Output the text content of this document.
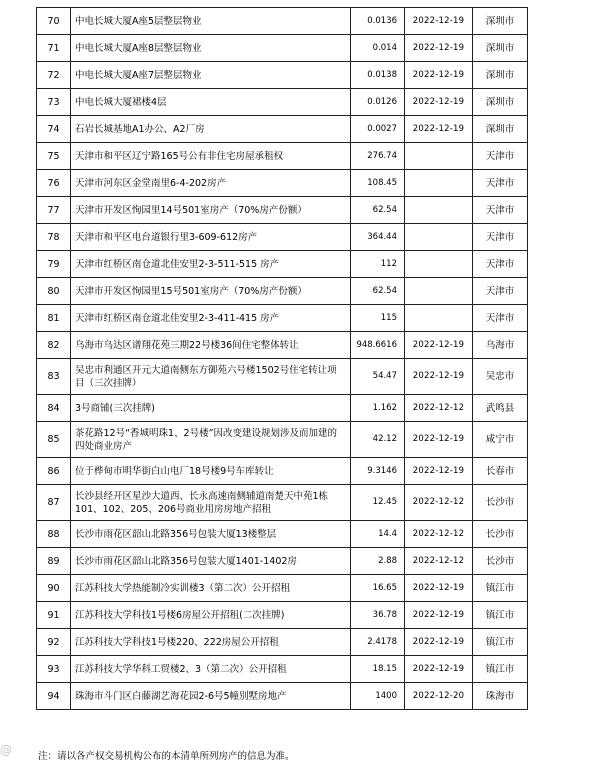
70	中电长城大厦A座5层整层物业	0.0136	2022-12-19	深圳市
71	中电长城大厦A座8层整层物业	0.014	2022-12-19	深圳市
72	中电长城大厦A座7层整层物业	0.0138	2022-12-19	深圳市
73	中电长城大厦裙楼4层	0.0126	2022-12-19	深圳市
74	石岩长城基地A1办公、A2厂房	0.0027	2022-12-19	深圳市
75	天津市和平区辽宁路165号公有非住宅房屋承租权	276.74		天津市
76	天津市河东区金堂南里6-4-202房产	108.45		天津市
77	天津市开发区恂园里14号501室房产（70%房产份额）	62.54		天津市
78	天津市和平区电台道银行里3-609-612房产	364.44		天津市
79	天津市红桥区南仓道北佳安里2-3-511-515 房产	112		天津市
80	天津市开发区恂园里15号501室房产（70%房产份额）	62.54		天津市
81	天津市红桥区南仓道北佳安里2-3-411-415 房产	115		天津市
82	乌海市乌达区谱翔花苑三期22号楼36间住宅整体转让	948.6616	2022-12-19	乌海市
83	吴忠市利通区开元大道南侧东方御苑六号楼1502号住宅转让项目（三次挂牌）	54.47	2022-12-19	吴忠市
84	3号商铺(三次挂牌)	1.162	2022-12-12	武鸣县
85	茶花路12号“香城明珠1、2号楼”因改变建设规划涉及而加建的四处商业房产	42.12	2022-12-19	咸宁市
86	位于桦甸市明华街白山电厂18号楼9号车库转让	9.3146	2022-12-19	长春市
87	长沙县经开区星沙大道西、长永高速南侧辅道南楚天中苑1栋101、102、205、206号商业用房房地产招租	12.45	2022-12-12	长沙市
88	长沙市雨花区韶山北路356号包装大厦13楼整层	14.4	2022-12-12	长沙市
89	长沙市雨花区韶山北路356号包装大厦1401-1402房	2.88	2022-12-12	长沙市
90	江苏科技大学热能制冷实训楼3（第二次）公开招租	16.65	2022-12-19	镇江市
91	江苏科技大学科技1号楼6房屋公开招租(二次挂牌)	36.78	2022-12-19	镇江市
92	江苏科技大学科技1号楼220、222房屋公开招租	2.4178	2022-12-19	镇江市
93	江苏科技大学华科工贸楼2、3（第二次）公开招租	18.15	2022-12-19	镇江市
94	珠海市斗门区白藤湖艺海花园2-6号5幢别墅房地产	1400	2022-12-20	珠海市
@	注：请以各产权交易机构公布的本清单所列房产的信息为准。
